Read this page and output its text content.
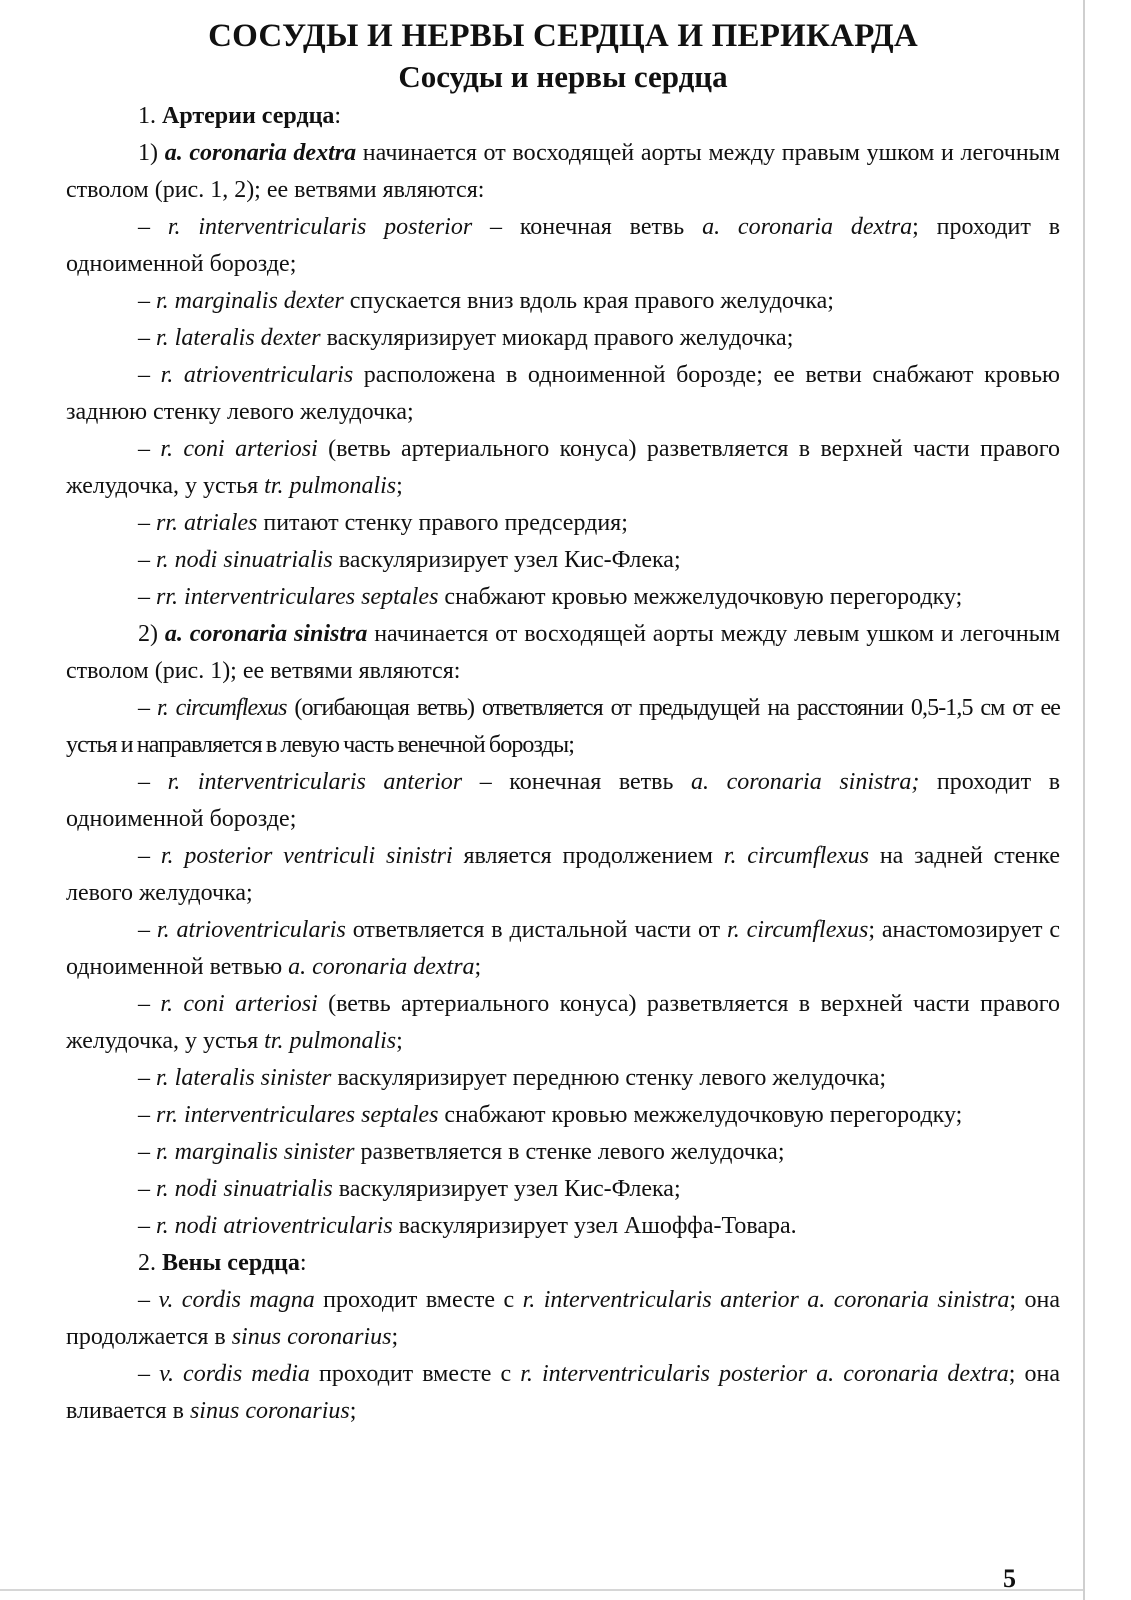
СОСУДЫ И НЕРВЫ СЕРДЦА И ПЕРИКАРДА
Сосуды и нервы сердца

1. Артерии сердца:

1) a. coronaria dextra начинается от восходящей аорты между правым ушком и легочным стволом (рис. 1, 2); ее ветвями являются:

– r. interventricularis posterior – конечная ветвь a. coronaria dextra; проходит в одноименной борозде;

– r. marginalis dexter спускается вниз вдоль края правого желудочка;

– r. lateralis dexter васкуляризирует миокард правого желудочка;

– r. atrioventricularis расположена в одноименной борозде; ее ветви снабжают кровью заднюю стенку левого желудочка;

– r. coni arteriosi (ветвь артериального конуса) разветвляется в верхней части правого желудочка, у устья tr. pulmonalis;

– rr. atriales питают стенку правого предсердия;

– r. nodi sinuatrialis васкуляризирует узел Кис-Флека;

– rr. interventriculares septales снабжают кровью межжелудочковую перегородку;

2) a. coronaria sinistra начинается от восходящей аорты между левым ушком и легочным стволом (рис. 1); ее ветвями являются:

– r. circumflexus (огибающая ветвь) ответвляется от предыдущей на расстоянии 0,5-1,5 см от ее устья и направляется в левую часть венечной борозды;

– r. interventricularis anterior – конечная ветвь a. coronaria sinistra; проходит в одноименной борозде;

– r. posterior ventriculi sinistri является продолжением r. circumflexus на задней стенке левого желудочка;

– r. atrioventricularis ответвляется в дистальной части от r. circumflexus; анастомозирует с одноименной ветвью a. coronaria dextra;

– r. coni arteriosi (ветвь артериального конуса) разветвляется в верхней части правого желудочка, у устья tr. pulmonalis;

– r. lateralis sinister васкуляризирует переднюю стенку левого желудочка;

– rr. interventriculares septales снабжают кровью межжелудочковую перегородку;

– r. marginalis sinister разветвляется в стенке левого желудочка;

– r. nodi sinuatrialis васкуляризирует узел Кис-Флека;

– r. nodi atrioventricularis васкуляризирует узел Ашоффа-Товара.

2. Вены сердца:

– v. cordis magna проходит вместе с r. interventricularis anterior a. coronaria sinistra; она продолжается в sinus coronarius;

– v. cordis media проходит вместе с r. interventricularis posterior a. coronaria dextra; она вливается в sinus coronarius;

5
